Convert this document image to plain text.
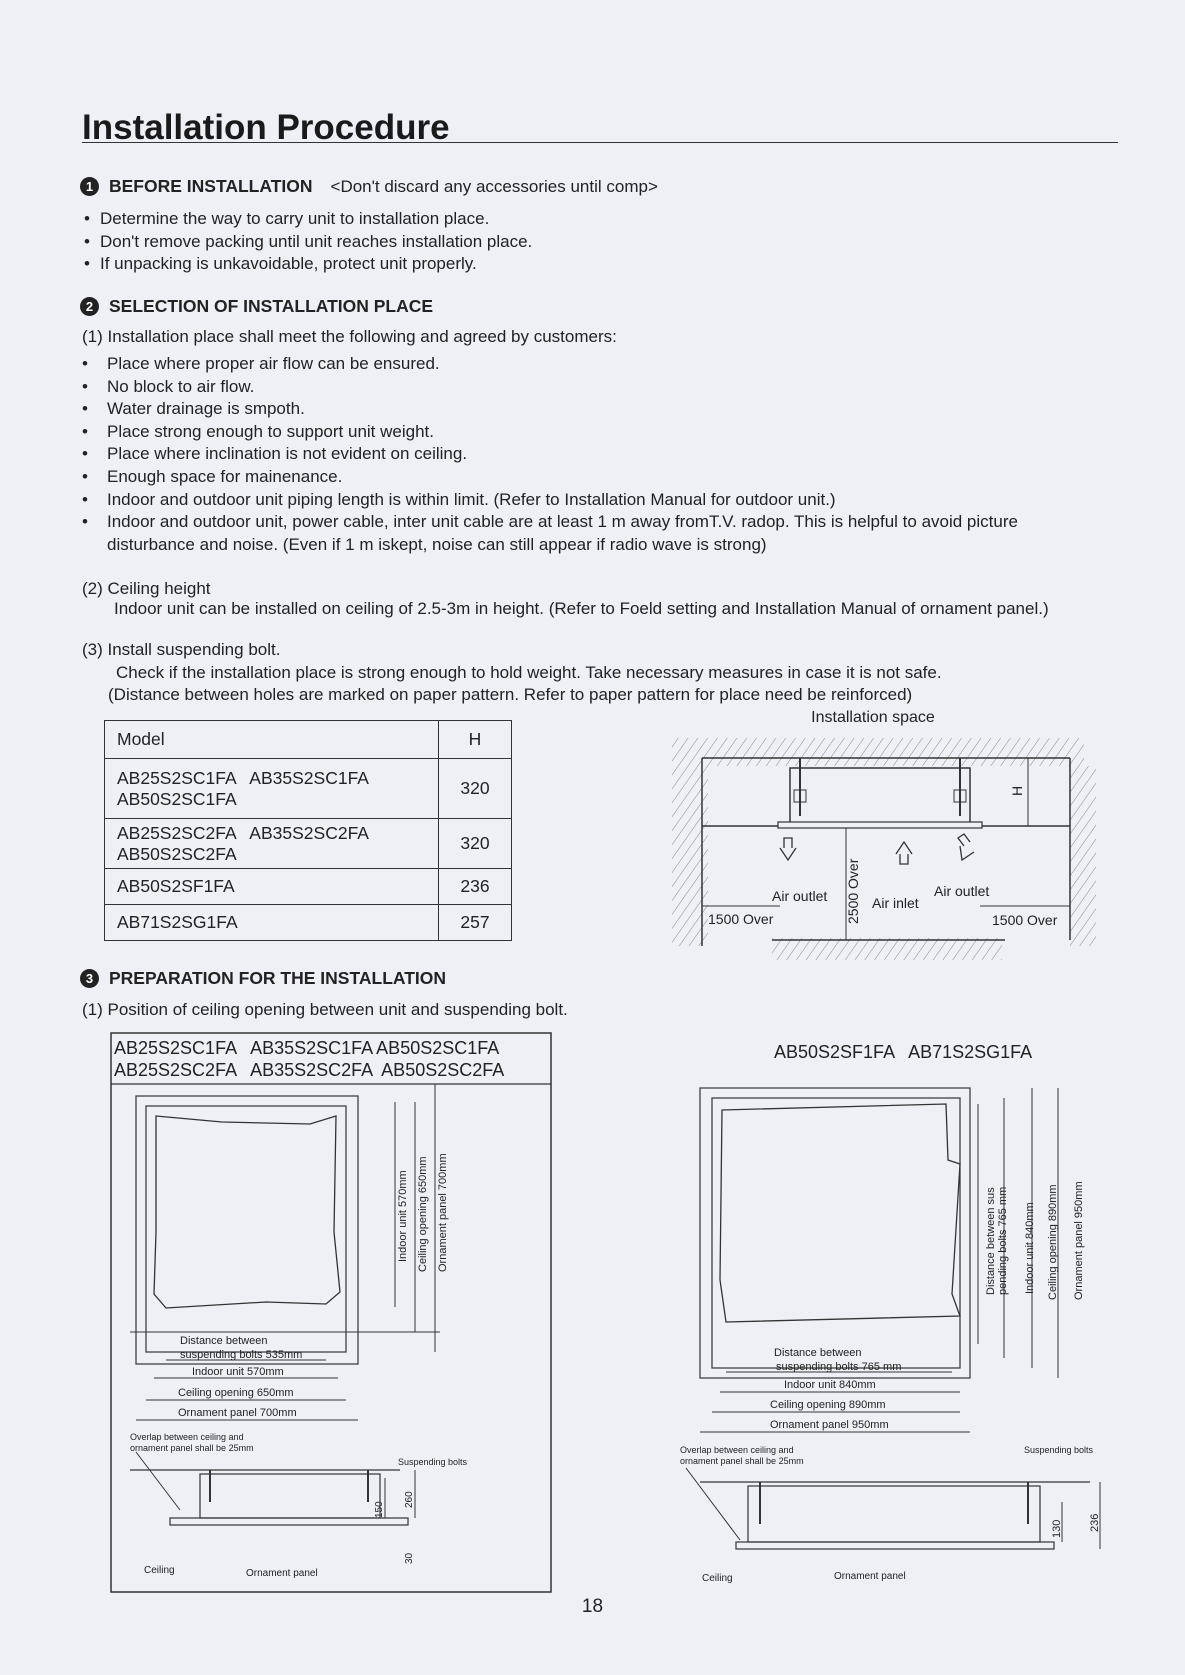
Installation Procedure
1 BEFORE INSTALLATION <Don't discard any accessories until comp>
• Determine the way to carry unit to installation place.
• Don't remove packing until unit reaches installation place.
• If unpacking is unkavoidable, protect unit properly.
2 SELECTION OF INSTALLATION PLACE
(1) Installation place shall meet the following and agreed by customers:
• Place where proper air flow can be ensured.
• No block to air flow.
• Water drainage is smpoth.
• Place strong enough to support unit weight.
• Place where inclination is not evident on ceiling.
• Enough space for mainenance.
• Indoor and outdoor unit piping length is within limit. (Refer to Installation Manual for outdoor unit.)
• Indoor and outdoor unit, power cable, inter unit cable are at least 1 m away fromT.V. radop. This is helpful to avoid picture disturbance and noise. (Even if 1 m iskept, noise can still appear if radio wave is strong)
(2) Ceiling height
Indoor unit can be installed on ceiling of 2.5-3m in height. (Refer to Foeld setting and Installation Manual of ornament panel.)
(3) Install suspending bolt.
Check if the installation place is strong enough to hold weight. Take necessary measures in case it is not safe.
(Distance between holes are marked on paper pattern. Refer to paper pattern for place need be reinforced)
Model	H

AB25S2SC1FA   AB35S2SC1FA
AB50S2SC1FA	320

AB25S2SC2FA   AB35S2SC2FA
AB50S2SC2FA	320
AB50S2SF1FA	236
AB71S2SG1FA	257
Installation space
H
Air outlet	Air outlet
Air inlet
2500 Over
1500 Over	1500 Over
3 PREPARATION FOR THE INSTALLATION
(1) Position of ceiling opening between unit and suspending bolt.
AB25S2SC1FA   AB35S2SC1FA AB50S2SC1FA
AB25S2SC2FA   AB35S2SC2FA  AB50S2SC2FA
Indoor unit 570mm Ceiling opening 650mm Ornament panel 700mm
Distance between
suspending bolts 535mm
Indoor unit 570mm
Ceiling opening 650mm
Ornament panel 700mm
Overlap between ceiling and
ornament panel shall be 25mm
Suspending bolts
150
260
30
Ceiling	Ornament panel
AB50S2SF1FA   AB71S2SG1FA
Distance between sus pending bolts 765 mm Indoor unit 840mm Ceiling opening 890mm Ornament panel 950mm
Distance between
suspending bolts 765 mm
Indoor unit 840mm
Ceiling opening 890mm
Ornament panel 950mm
Overlap between ceiling and
ornament panel shall be 25mm
Suspending bolts
130 236
Ceiling	Ornament panel
18
